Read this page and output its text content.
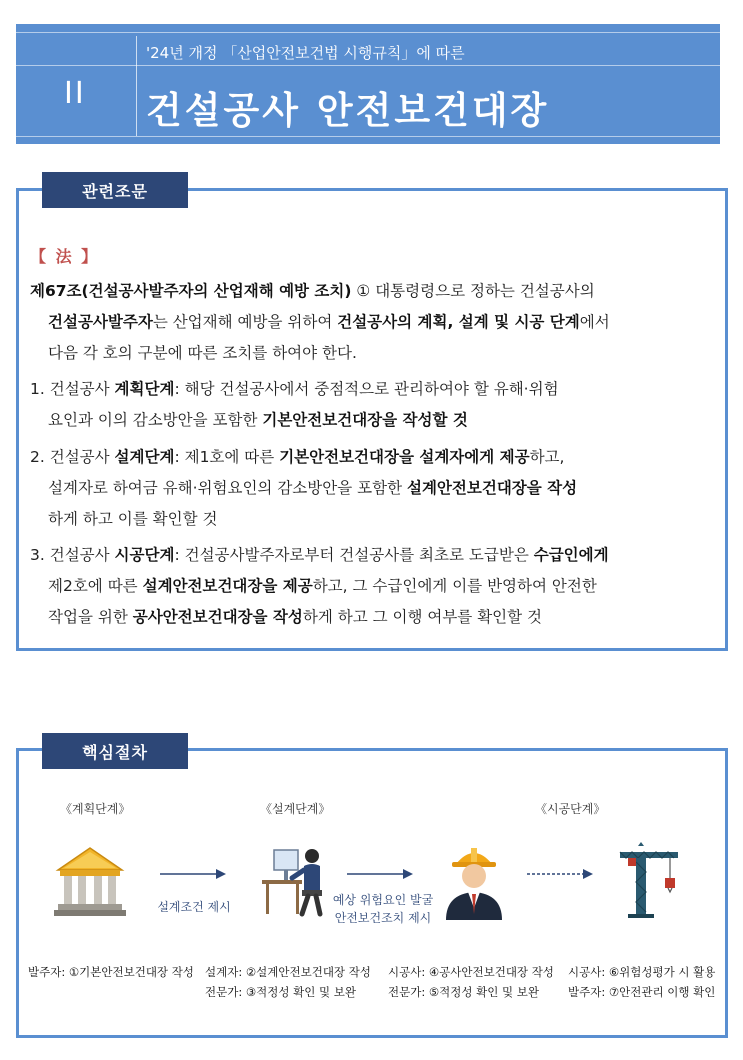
II
'24년 개정 「산업안전보건법 시행규칙」에 따른
건설공사 안전보건대장
관련조문
【 法 】
제67조(건설공사발주자의 산업재해 예방 조치) ① 대통령령으로 정하는 건설공사의
건설공사발주자는 산업재해 예방을 위하여 건설공사의 계획, 설계 및 시공 단계에서
다음 각 호의 구분에 따른 조치를 하여야 한다.
1. 건설공사 계획단계: 해당 건설공사에서 중점적으로 관리하여야 할 유해·위험
요인과 이의 감소방안을 포함한 기본안전보건대장을 작성할 것
2. 건설공사 설계단계: 제1호에 따른 기본안전보건대장을 설계자에게 제공하고,
설계자로 하여금 유해·위험요인의 감소방안을 포함한 설계안전보건대장을 작성
하게 하고 이를 확인할 것
3. 건설공사 시공단계: 건설공사발주자로부터 건설공사를 최초로 도급받은 수급인에게
제2호에 따른 설계안전보건대장을 제공하고, 그 수급인에게 이를 반영하여 안전한
작업을 위한 공사안전보건대장을 작성하게 하고 그 이행 여부를 확인할 것
핵심절차
《계획단계》	《설계단계》	《시공단계》
설계조건 제시	예상 위험요인 발굴
안전보건조치 제시
발주자: ①기본안전보건대장 작성 설계자: ②설계안전보건대장 작성
전문가: ③적정성 확인 및 보완
시공사: ④공사안전보건대장 작성
전문가: ⑤적정성 확인 및 보완
시공사: ⑥위험성평가 시 활용
발주자: ⑦안전관리 이행 확인
